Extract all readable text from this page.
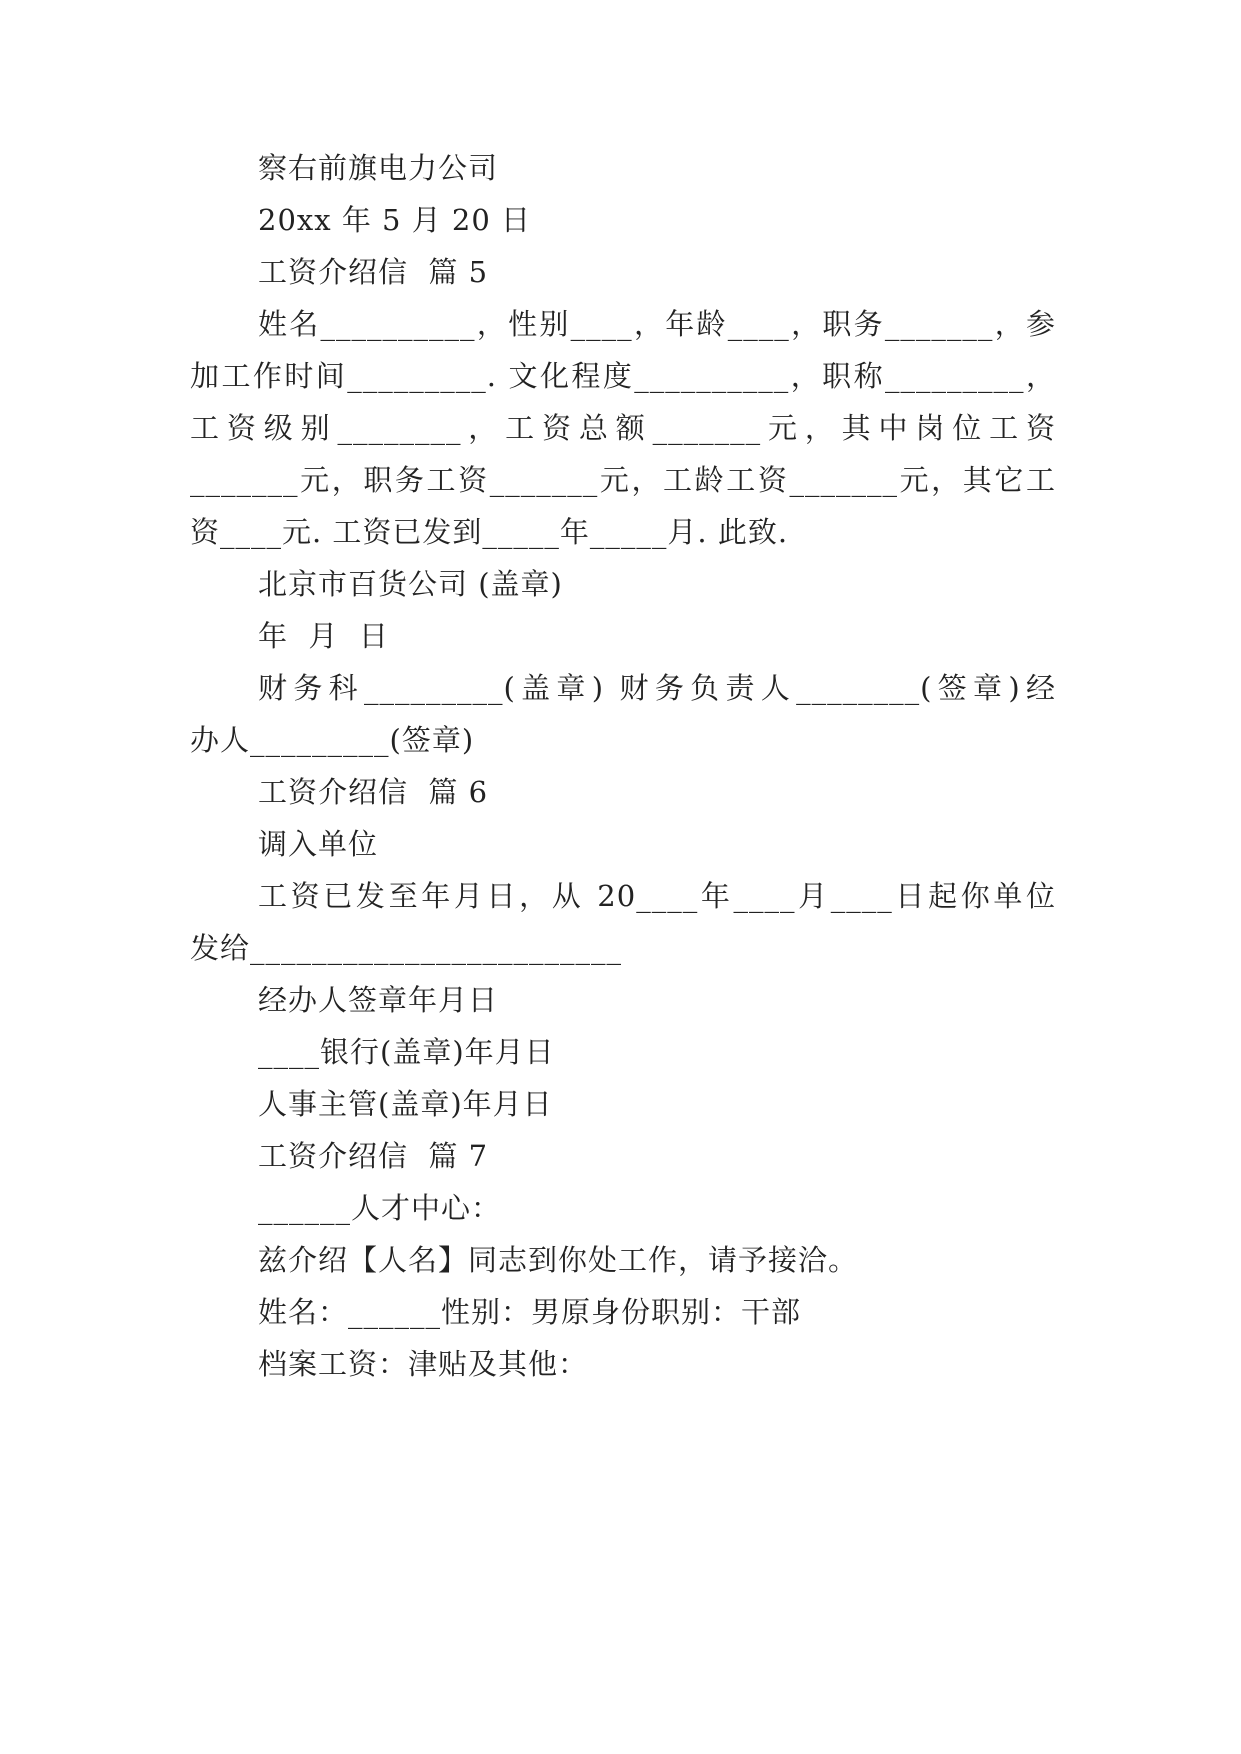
察右前旗电力公司
20xx 年 5 月 20 日
工资介绍信  篇 5
姓名__________，性别____，年龄____，职务_______，参
加工作时间_________. 文化程度__________，职称_________，
工资级别________，工资总额_______元，其中岗位工资
_______元，职务工资_______元，工龄工资_______元，其它工
资____元. 工资已发到_____年_____月. 此致.
北京市百货公司 (盖章)
年  月  日
财务科_________(盖章) 财务负责人________(签章)经
办人_________(签章)
工资介绍信  篇 6
调入单位
工资已发至年月日，从 20____年____月____日起你单位
发给________________________
经办人签章年月日
____银行(盖章)年月日
人事主管(盖章)年月日
工资介绍信  篇 7
______人才中心：
兹介绍【人名】同志到你处工作，请予接洽。
姓名：______性别：男原身份职别：干部
档案工资：津贴及其他：
